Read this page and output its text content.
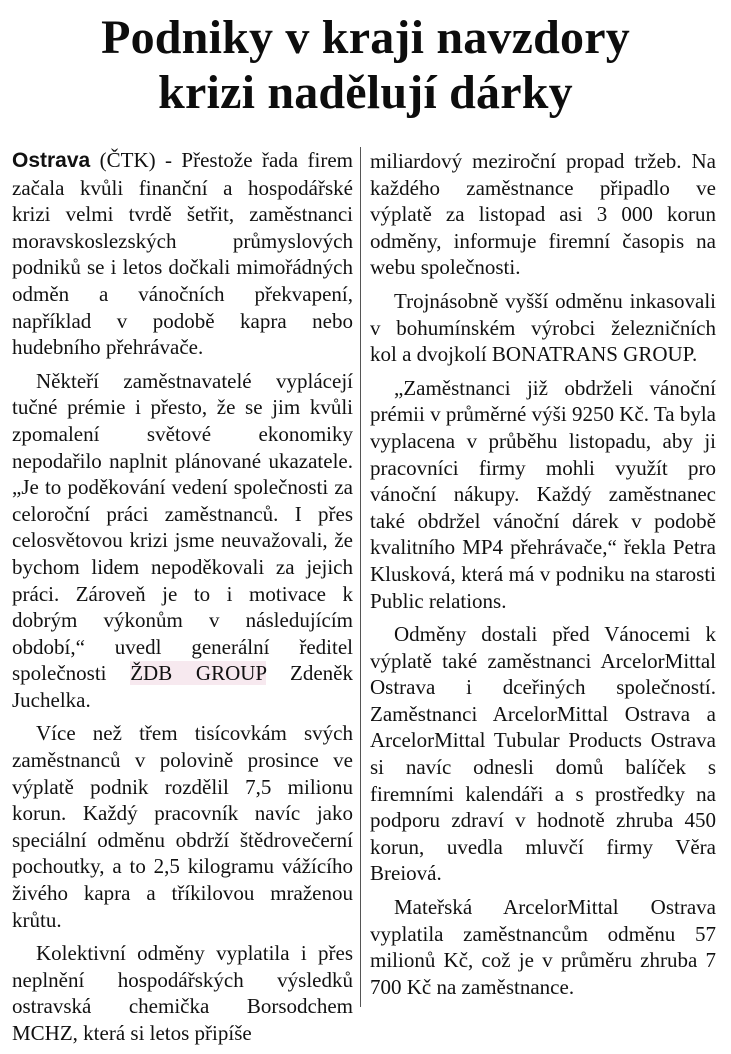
Podniky v kraji navzdory
krizi nadělují dárky

Ostrava (ČTK) - Přestože řada firem začala kvůli finanční a hospodářské krizi velmi tvrdě šetřit, zaměstnanci moravskoslezských průmyslových podniků se i letos dočkali mimořádných odměn a vánočních překvapení, například v podobě kapra nebo hudebního přehrávače.

Někteří zaměstnavatelé vyplácejí tučné prémie i přesto, že se jim kvůli zpomalení světové ekonomiky nepodařilo naplnit plánované ukazatele. „Je to poděkování vedení společnosti za celoroční práci zaměstnanců. I přes celosvětovou krizi jsme neuvažovali, že bychom lidem nepoděkovali za jejich práci. Zároveň je to i motivace k dobrým výkonům v následujícím období,“ uvedl generální ředitel společnosti ŽDB GROUP Zdeněk Juchelka.

Více než třem tisícovkám svých zaměstnanců v polovině prosince ve výplatě podnik rozdělil 7,5 milionu korun. Každý pracovník navíc jako speciální odměnu obdrží štědrovečerní pochoutky, a to 2,5 kilogramu vážícího živého kapra a tříkilovou mraženou krůtu.

Kolektivní odměny vyplatila i přes neplnění hospodářských výsledků ostravská chemička Borsodchem MCHZ, která si letos připíše

miliardový meziroční propad tržeb. Na každého zaměstnance připadlo ve výplatě za listopad asi 3 000 korun odměny, informuje firemní časopis na webu společnosti.

Trojnásobně vyšší odměnu inkasovali v bohumínském výrobci železničních kol a dvojkolí BONATRANS GROUP.

„Zaměstnanci již obdrželi vánoční prémii v průměrné výši 9250 Kč. Ta byla vyplacena v průběhu listopadu, aby ji pracovníci firmy mohli využít pro vánoční nákupy. Každý zaměstnanec také obdržel vánoční dárek v podobě kvalitního MP4 přehrávače,“ řekla Petra Klusková, která má v podniku na starosti Public relations.

Odměny dostali před Vánocemi k výplatě také zaměstnanci ArcelorMittal Ostrava i dceřiných společností. Zaměstnanci ArcelorMittal Ostrava a ArcelorMittal Tubular Products Ostrava si navíc odnesli domů balíček s firemními kalendáři a s prostředky na podporu zdraví v hodnotě zhruba 450 korun, uvedla mluvčí firmy Věra Breiová.

Mateřská ArcelorMittal Ostrava vyplatila zaměstnancům odměnu 57 milionů Kč, což je v průměru zhruba 7 700 Kč na zaměstnance.
